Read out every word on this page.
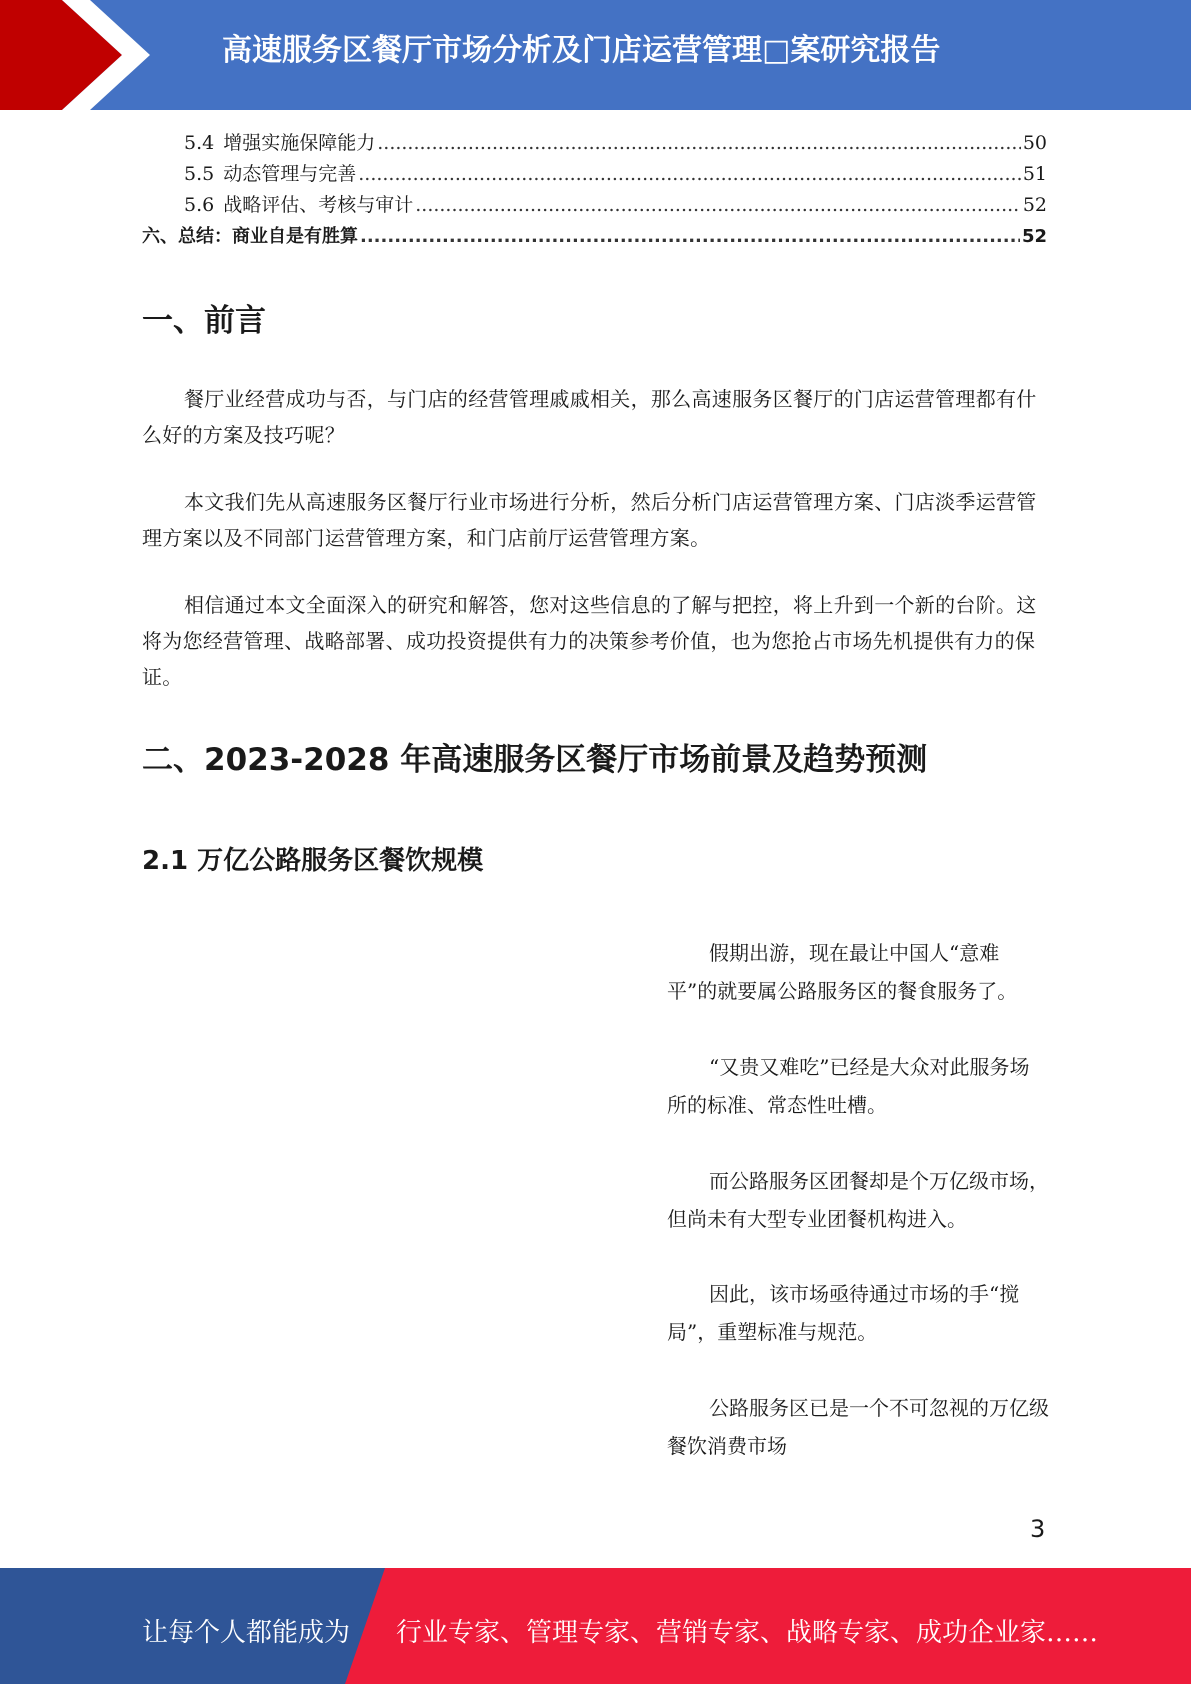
高速服务区餐厅市场分析及门店运营管理□案研究报告
5.4 增强实施保障能力 .....	50
5.5 动态管理与完善 .....	51
5.6 战略评估、考核与审计 .....	52
六、总结：商业自是有胜算 .....	52
一、前言
餐厅业经营成功与否，与门店的经营管理戚戚相关，那么高速服务区餐厅的门店运营管理都有什么好的方案及技巧呢？
本文我们先从高速服务区餐厅行业市场进行分析，然后分析门店运营管理方案、门店淡季运营管理方案以及不同部门运营管理方案，和门店前厅运营管理方案。
相信通过本文全面深入的研究和解答，您对这些信息的了解与把控，将上升到一个新的台阶。这将为您经营管理、战略部署、成功投资提供有力的决策参考价值，也为您抢占市场先机提供有力的保证。
二、2023-2028 年高速服务区餐厅市场前景及趋势预测
2.1 万亿公路服务区餐饮规模
假期出游，现在最让中国人“意难平”的就要属公路服务区的餐食服务了。
“又贵又难吃”已经是大众对此服务场所的标准、常态性吐槽。
而公路服务区团餐却是个万亿级市场，但尚未有大型专业团餐机构进入。
因此，该市场亟待通过市场的手“搅局”，重塑标准与规范。
公路服务区已是一个不可忽视的万亿级餐饮消费市场
3
让每个人都能成为 行业专家、管理专家、营销专家、战略专家、成功企业家……
